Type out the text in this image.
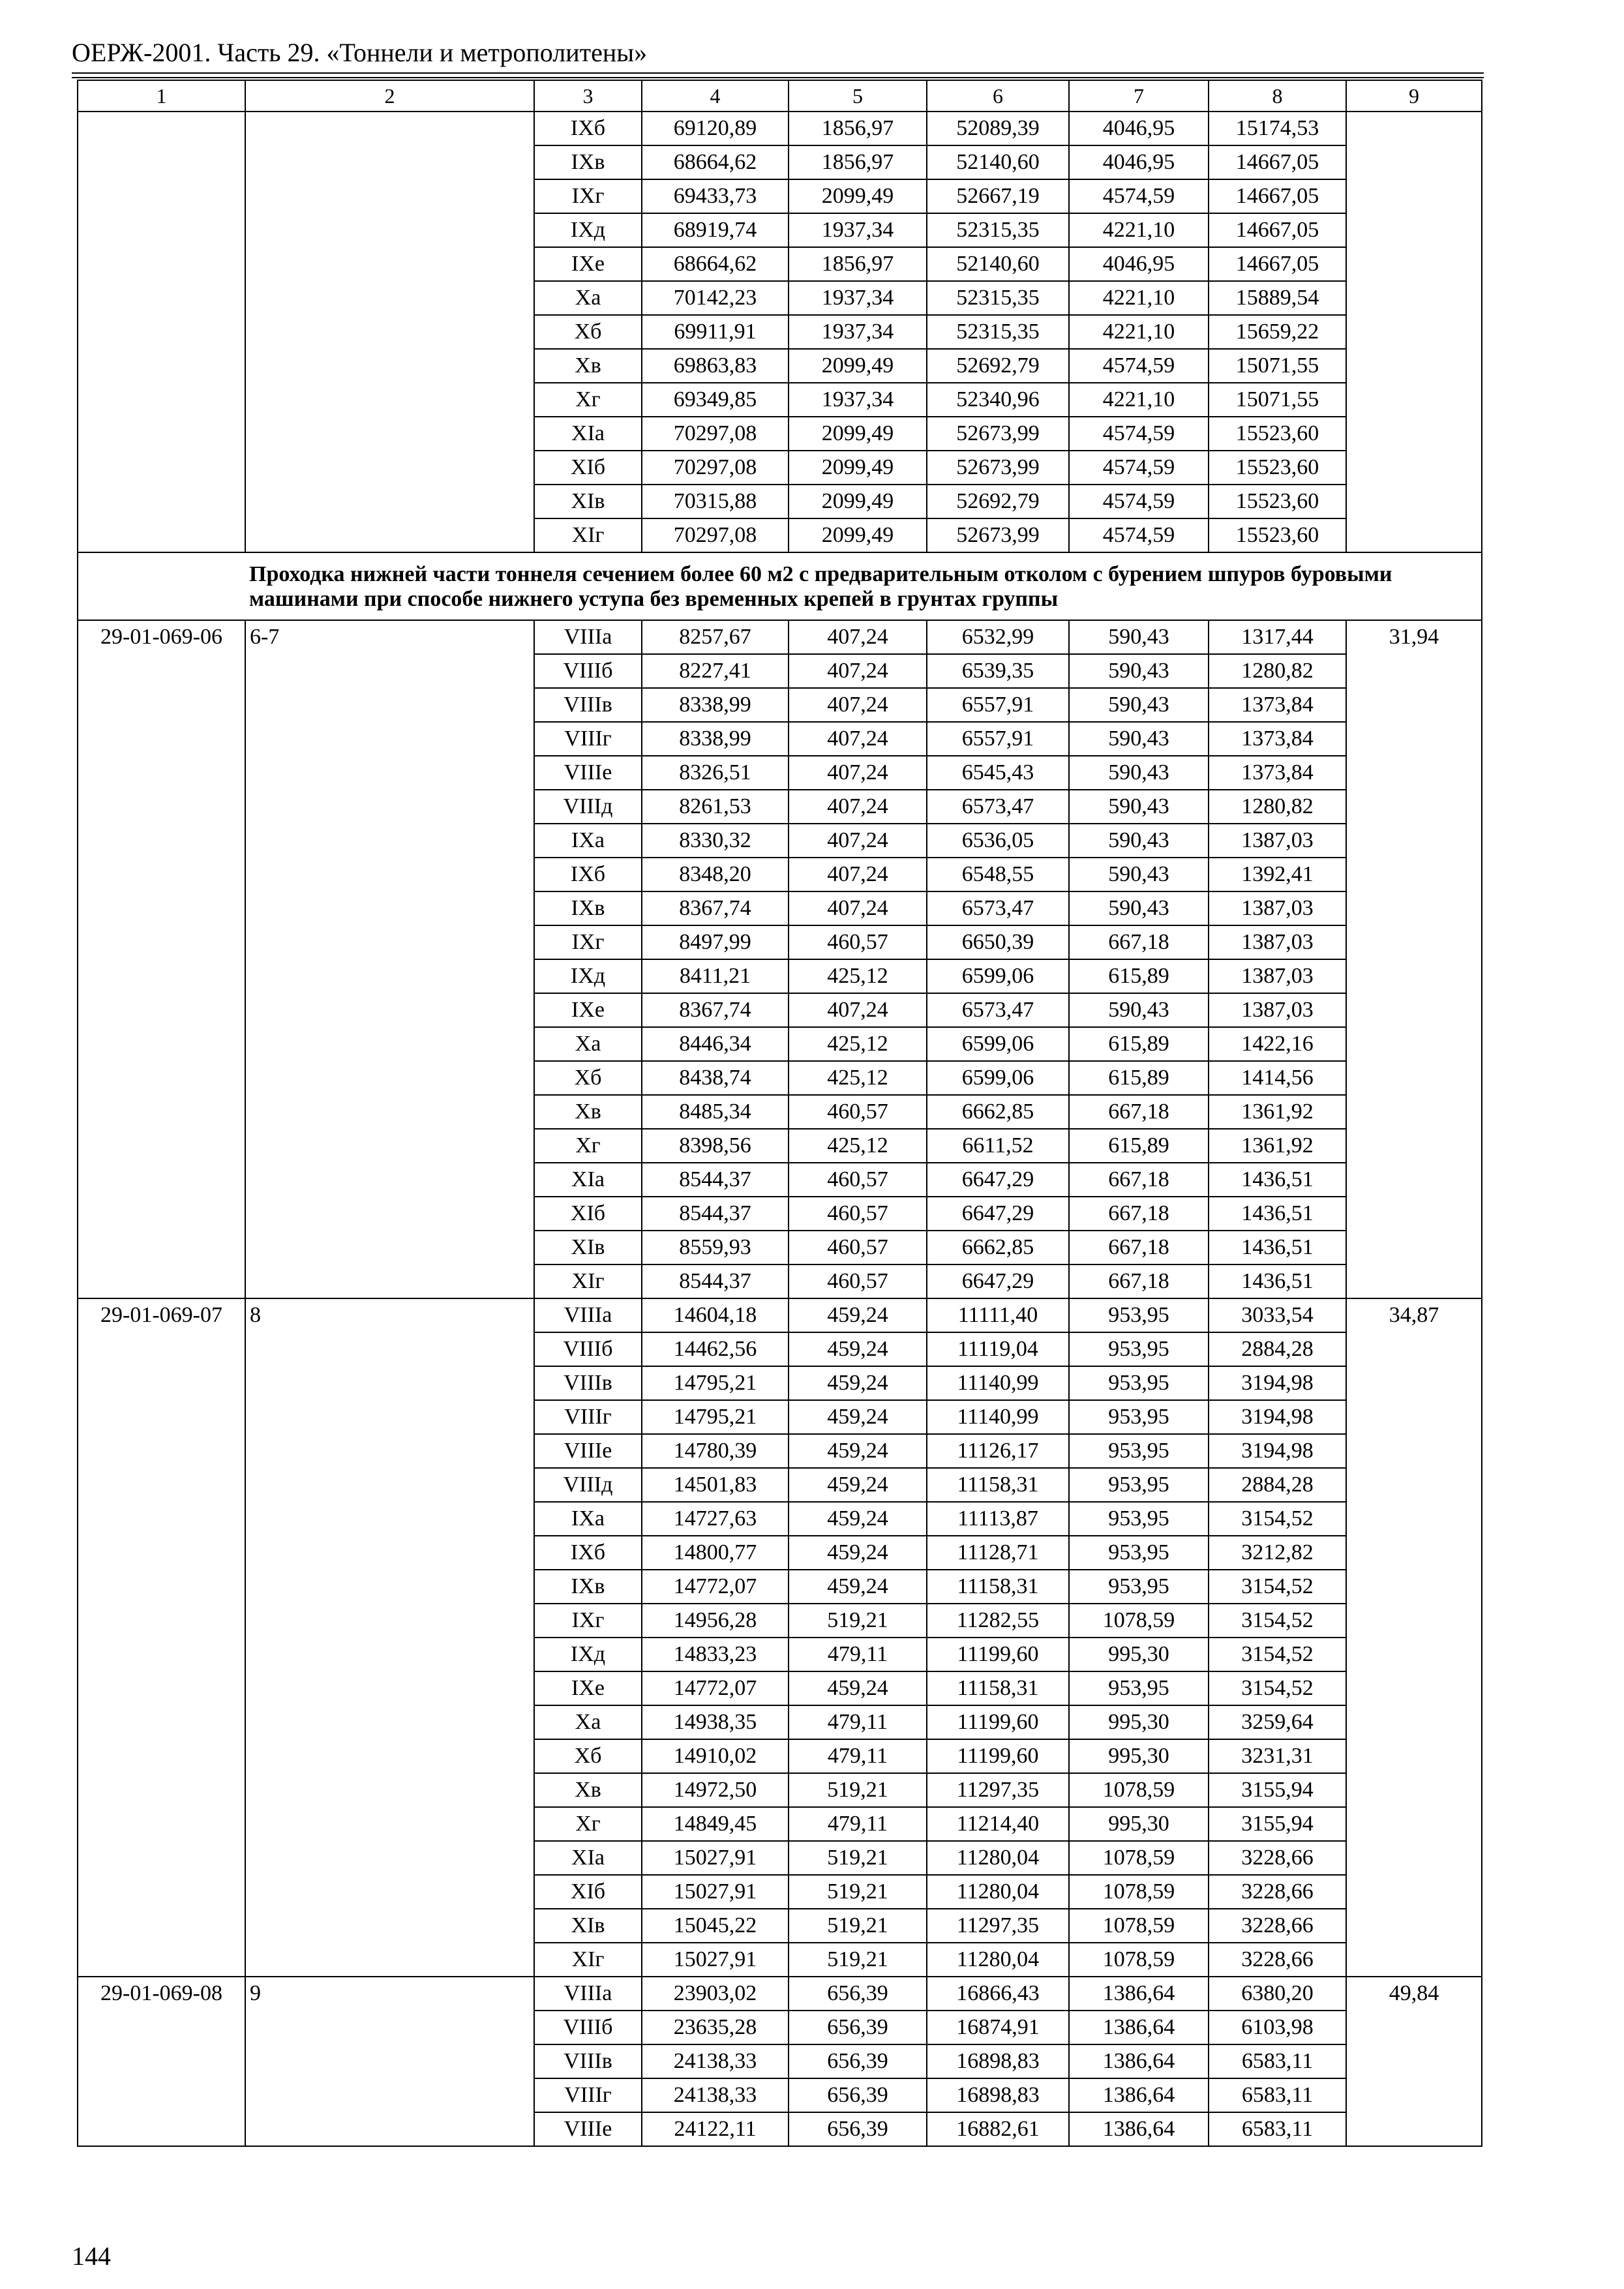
ОЕРЖ-2001. Часть 29. «Тоннели и метрополитены»
1	2	3	4	5	6	7	8	9
		IXб	69120,89	1856,97	52089,39	4046,95	15174,53	
		IXв	68664,62	1856,97	52140,60	4046,95	14667,05	
		IXг	69433,73	2099,49	52667,19	4574,59	14667,05	
		IXд	68919,74	1937,34	52315,35	4221,10	14667,05	
		IXе	68664,62	1856,97	52140,60	4046,95	14667,05	
		Xа	70142,23	1937,34	52315,35	4221,10	15889,54	
		Xб	69911,91	1937,34	52315,35	4221,10	15659,22	
		Xв	69863,83	2099,49	52692,79	4574,59	15071,55	
		Xг	69349,85	1937,34	52340,96	4221,10	15071,55	
		XIа	70297,08	2099,49	52673,99	4574,59	15523,60	
		XIб	70297,08	2099,49	52673,99	4574,59	15523,60	
		XIв	70315,88	2099,49	52692,79	4574,59	15523,60	
		XIг	70297,08	2099,49	52673,99	4574,59	15523,60	
	Проходка нижней части тоннеля сечением более 60 м2 с предварительным отколом с бурением шпуров буровыми машинами при способе нижнего уступа без временных крепей в грунтах группы							
29-01-069-06	6-7	VIIIа	8257,67	407,24	6532,99	590,43	1317,44	31,94
		VIIIб	8227,41	407,24	6539,35	590,43	1280,82	
		VIIIв	8338,99	407,24	6557,91	590,43	1373,84	
		VIIIг	8338,99	407,24	6557,91	590,43	1373,84	
		VIIIе	8326,51	407,24	6545,43	590,43	1373,84	
		VIIIд	8261,53	407,24	6573,47	590,43	1280,82	
		IXа	8330,32	407,24	6536,05	590,43	1387,03	
		IXб	8348,20	407,24	6548,55	590,43	1392,41	
		IXв	8367,74	407,24	6573,47	590,43	1387,03	
		IXг	8497,99	460,57	6650,39	667,18	1387,03	
		IXд	8411,21	425,12	6599,06	615,89	1387,03	
		IXе	8367,74	407,24	6573,47	590,43	1387,03	
		Xа	8446,34	425,12	6599,06	615,89	1422,16	
		Xб	8438,74	425,12	6599,06	615,89	1414,56	
		Xв	8485,34	460,57	6662,85	667,18	1361,92	
		Xг	8398,56	425,12	6611,52	615,89	1361,92	
		XIа	8544,37	460,57	6647,29	667,18	1436,51	
		XIб	8544,37	460,57	6647,29	667,18	1436,51	
		XIв	8559,93	460,57	6662,85	667,18	1436,51	
		XIг	8544,37	460,57	6647,29	667,18	1436,51	
29-01-069-07	8	VIIIа	14604,18	459,24	11111,40	953,95	3033,54	34,87
		VIIIб	14462,56	459,24	11119,04	953,95	2884,28	
		VIIIв	14795,21	459,24	11140,99	953,95	3194,98	
		VIIIг	14795,21	459,24	11140,99	953,95	3194,98	
		VIIIе	14780,39	459,24	11126,17	953,95	3194,98	
		VIIIд	14501,83	459,24	11158,31	953,95	2884,28	
		IXа	14727,63	459,24	11113,87	953,95	3154,52	
		IXб	14800,77	459,24	11128,71	953,95	3212,82	
		IXв	14772,07	459,24	11158,31	953,95	3154,52	
		IXг	14956,28	519,21	11282,55	1078,59	3154,52	
		IXд	14833,23	479,11	11199,60	995,30	3154,52	
		IXе	14772,07	459,24	11158,31	953,95	3154,52	
		Xа	14938,35	479,11	11199,60	995,30	3259,64	
		Xб	14910,02	479,11	11199,60	995,30	3231,31	
		Xв	14972,50	519,21	11297,35	1078,59	3155,94	
		Xг	14849,45	479,11	11214,40	995,30	3155,94	
		XIа	15027,91	519,21	11280,04	1078,59	3228,66	
		XIб	15027,91	519,21	11280,04	1078,59	3228,66	
		XIв	15045,22	519,21	11297,35	1078,59	3228,66	
		XIг	15027,91	519,21	11280,04	1078,59	3228,66	
29-01-069-08	9	VIIIа	23903,02	656,39	16866,43	1386,64	6380,20	49,84
		VIIIб	23635,28	656,39	16874,91	1386,64	6103,98	
		VIIIв	24138,33	656,39	16898,83	1386,64	6583,11	
		VIIIг	24138,33	656,39	16898,83	1386,64	6583,11	
		VIIIе	24122,11	656,39	16882,61	1386,64	6583,11	
144
